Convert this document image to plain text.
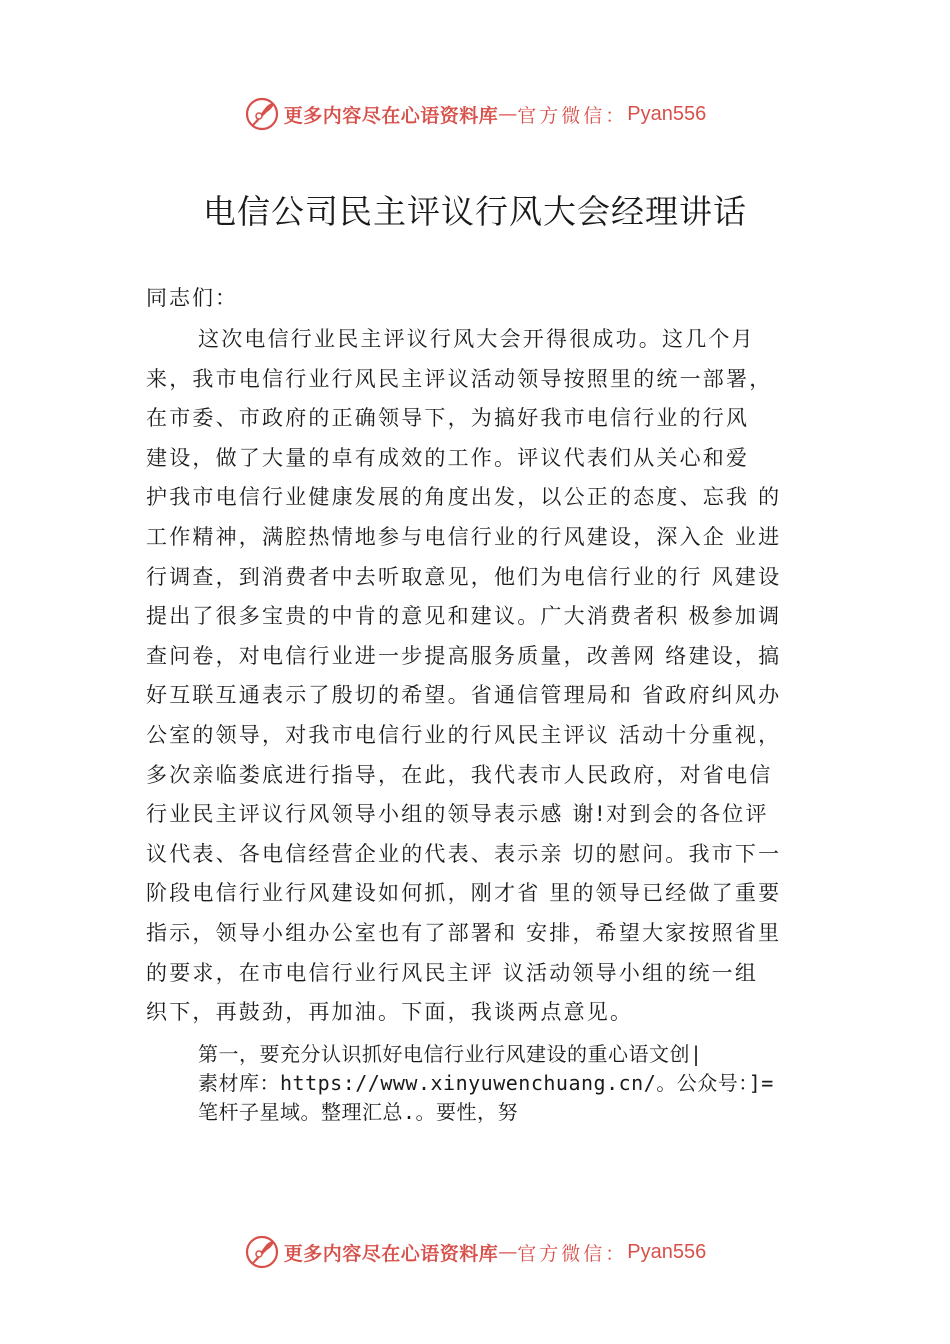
更多内容尽在心语资料库 — 官方微信： Pyan556
电信公司民主评议行风大会经理讲话
同志们：

这次电信行业民主评议行风大会开得很成功。这几个月
来，我市电信行业行风民主评议活动领导按照里的统一部署，
在市委、市政府的正确领导下，为搞好我市电信行业的行风
建设，做了大量的卓有成效的工作。评议代表们从关心和爱
护我市电信行业健康发展的角度出发，以公正的态度、忘我 的
工作精神，满腔热情地参与电信行业的行风建设，深入企 业进
行调查，到消费者中去听取意见，他们为电信行业的行 风建设
提出了很多宝贵的中肯的意见和建议。广大消费者积 极参加调
查问卷，对电信行业进一步提高服务质量，改善网 络建设，搞
好互联互通表示了殷切的希望。省通信管理局和 省政府纠风办
公室的领导，对我市电信行业的行风民主评议 活动十分重视，
多次亲临娄底进行指导，在此，我代表市人民政府，对省电信
行业民主评议行风领导小组的领导表示感 谢!对到会的各位评
议代表、各电信经营企业的代表、表示亲 切的慰问。我市下一
阶段电信行业行风建设如何抓，刚才省 里的领导已经做了重要
指示，领导小组办公室也有了部署和 安排，希望大家按照省里
的要求，在市电信行业行风民主评 议活动领导小组的统一组
织下，再鼓劲，再加油。下面，我谈两点意见。

第一，要充分认识抓好电信行业行风建设的重心语文创|
素材库：https://www.xinyuwenchuang.cn/。公众号：]=
笔杆子星域。整理汇总.。要性，努

更多内容尽在心语资料库 — 官方微信： Pyan556
